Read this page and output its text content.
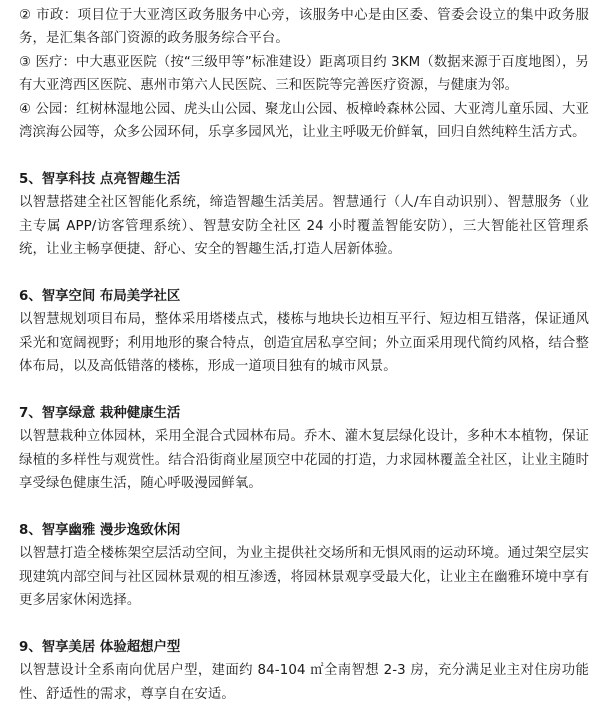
② 市政：项目位于大亚湾区政务服务中心旁，该服务中心是由区委、管委会设立的集中政务服务，是汇集各部门资源的政务服务综合平台。

③ 医疗：中大惠亚医院（按“三级甲等”标准建设）距离项目约 3KM（数据来源于百度地图），另有大亚湾西区医院、惠州市第六人民医院、三和医院等完善医疗资源，与健康为邻。

④ 公园：红树林湿地公园、虎头山公园、聚龙山公园、板樟岭森林公园、大亚湾儿童乐园、大亚湾滨海公园等，众多公园环伺，乐享多园风光，让业主呼吸无价鲜氧，回归自然纯粹生活方式。

5、智享科技 点亮智趣生活

以智慧搭建全社区智能化系统，缔造智趣生活美居。智慧通行（人/车自动识别）、智慧服务（业主专属 APP/访客管理系统）、智慧安防全社区 24 小时覆盖智能安防），三大智能社区管理系统，让业主畅享便捷、舒心、安全的智趣生活,打造人居新体验。

6、智享空间 布局美学社区

以智慧规划项目布局，整体采用塔楼点式，楼栋与地块长边相互平行、短边相互错落，保证通风采光和宽阔视野；利用地形的聚合特点，创造宜居私享空间；外立面采用现代简约风格，结合整体布局，以及高低错落的楼栋，形成一道项目独有的城市风景。

7、智享绿意 栽种健康生活

以智慧栽种立体园林，采用全混合式园林布局。乔木、灌木复层绿化设计，多种木本植物，保证绿植的多样性与观赏性。结合沿街商业屋顶空中花园的打造，力求园林覆盖全社区，让业主随时享受绿色健康生活，随心呼吸漫园鲜氧。

8、智享幽雅 漫步逸致休闲

以智慧打造全楼栋架空层活动空间，为业主提供社交场所和无惧风雨的运动环境。通过架空层实现建筑内部空间与社区园林景观的相互渗透，将园林景观享受最大化，让业主在幽雅环境中享有更多居家休闲选择。

9、智享美居 体验超想户型

以智慧设计全系南向优居户型，建面约 84-104 ㎡全南智想 2-3 房，充分满足业主对住房功能性、舒适性的需求，尊享自在安适。
